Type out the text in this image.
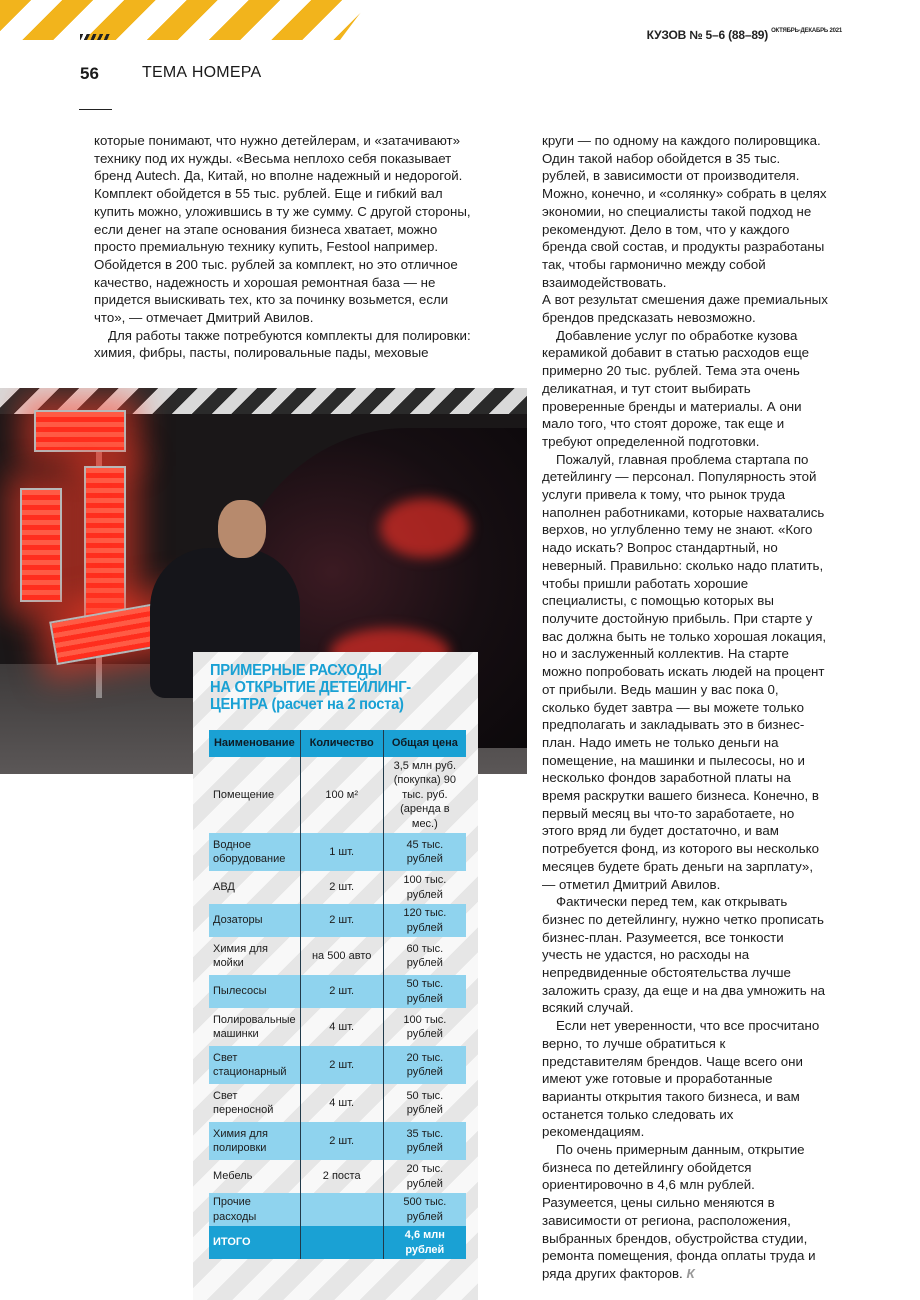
КУЗОВ № 5–6 (88–89) $^{ОКТЯБРЬ-ДЕКАБРЬ 2021}$
56	ТЕМА НОМЕРА

которые понимают, что нужно детейлерам, и «затачивают» технику под их нужды. «Весьма неплохо себя показывает бренд Autech. Да, Китай, но вполне надежный и недорогой. Комплект обойдется в 55 тыс. рублей. Еще и гибкий вал купить можно, уложившись в ту же сумму. С другой стороны, если денег на этапе основания бизнеса хватает, можно просто премиальную технику купить, Festool например. Обойдется в 200 тыс. рублей за комплект, но это отличное качество, надежность и хорошая ремонтная база — не придется выискивать тех, кто за починку возьмется, если что», — отмечает Дмитрий Авилов.

Для работы также потребуются комплекты для полировки: химия, фибры, пасты, полировальные пады, меховые

ПРИМЕРНЫЕ РАСХОДЫ
НА ОТКРЫТИЕ ДЕТЕЙЛИНГ-
ЦЕНТРА (расчет на 2 поста)
Наименование	Количество	Общая цена
Помещение	100 м²	3,5 млн руб. (покупка) 90 тыс. руб. (аренда в мес.)
Водное оборудование	1 шт.	45 тыс. рублей
АВД	2 шт.	100 тыс. рублей
Дозаторы	2 шт.	120 тыс. рублей
Химия для мойки	на 500 авто	60 тыс. рублей
Пылесосы	2 шт.	50 тыс. рублей
Полировальные машинки	4 шт.	100 тыс. рублей
Свет стационарный	2 шт.	20 тыс. рублей
Свет переносной	4 шт.	50 тыс. рублей
Химия для полировки	2 шт.	35 тыс. рублей
Мебель	2 поста	20 тыс. рублей
Прочие расходы		500 тыс. рублей
ИТОГО		4,6 млн рублей

круги — по одному на каждого полировщика. Один такой набор обойдется в 35 тыс. рублей, в зависимости от производителя. Можно, конечно, и «солянку» собрать в целях экономии, но специалисты такой подход не рекомендуют. Дело в том, что у каждого бренда свой состав, и продукты разработаны так, чтобы гармонично между собой взаимодействовать.

А вот результат смешения даже премиальных брендов предсказать невозможно.

Добавление услуг по обработке кузова керамикой добавит в статью расходов еще примерно 20 тыс. рублей. Тема эта очень деликатная, и тут стоит выбирать проверенные бренды и материалы. А они мало того, что стоят дороже, так еще и требуют определенной подготовки.

Пожалуй, главная проблема стартапа по детейлингу — персонал. Популярность этой услуги привела к тому, что рынок труда наполнен работниками, которые нахватались верхов, но углубленно тему не знают. «Кого надо искать? Вопрос стандартный, но неверный. Правильно: сколько надо платить, чтобы пришли работать хорошие специалисты, с помощью которых вы получите достойную прибыль. При старте у вас должна быть не только хорошая локация, но и заслуженный коллектив. На старте можно попробовать искать людей на процент от прибыли. Ведь машин у вас пока 0, сколько будет завтра — вы можете только предполагать и закладывать это в бизнес-план. Надо иметь не только деньги на помещение, на машинки и пылесосы, но и несколько фондов заработной платы на время раскрутки вашего бизнеса. Конечно, в первый месяц вы что-то заработаете, но этого вряд ли будет достаточно, и вам потребуется фонд, из которого вы несколько месяцев будете брать деньги на зарплату», — отметил Дмитрий Авилов.

Фактически перед тем, как открывать бизнес по детейлингу, нужно четко прописать бизнес-план. Разумеется, все тонкости учесть не удастся, но расходы на непредвиденные обстоятельства лучше заложить сразу, да еще и на два умножить на всякий случай.

Если нет уверенности, что все просчитано верно, то лучше обратиться к представителям брендов. Чаще всего они имеют уже готовые и проработанные варианты открытия такого бизнеса, и вам останется только следовать их рекомендациям.

По очень примерным данным, открытие бизнеса по детейлингу обойдется ориентировочно в 4,6 млн рублей. Разумеется, цены сильно меняются в зависимости от региона, расположения, выбранных брендов, обустройства студии, ремонта помещения, фонда оплаты труда и ряда других факторов. К
